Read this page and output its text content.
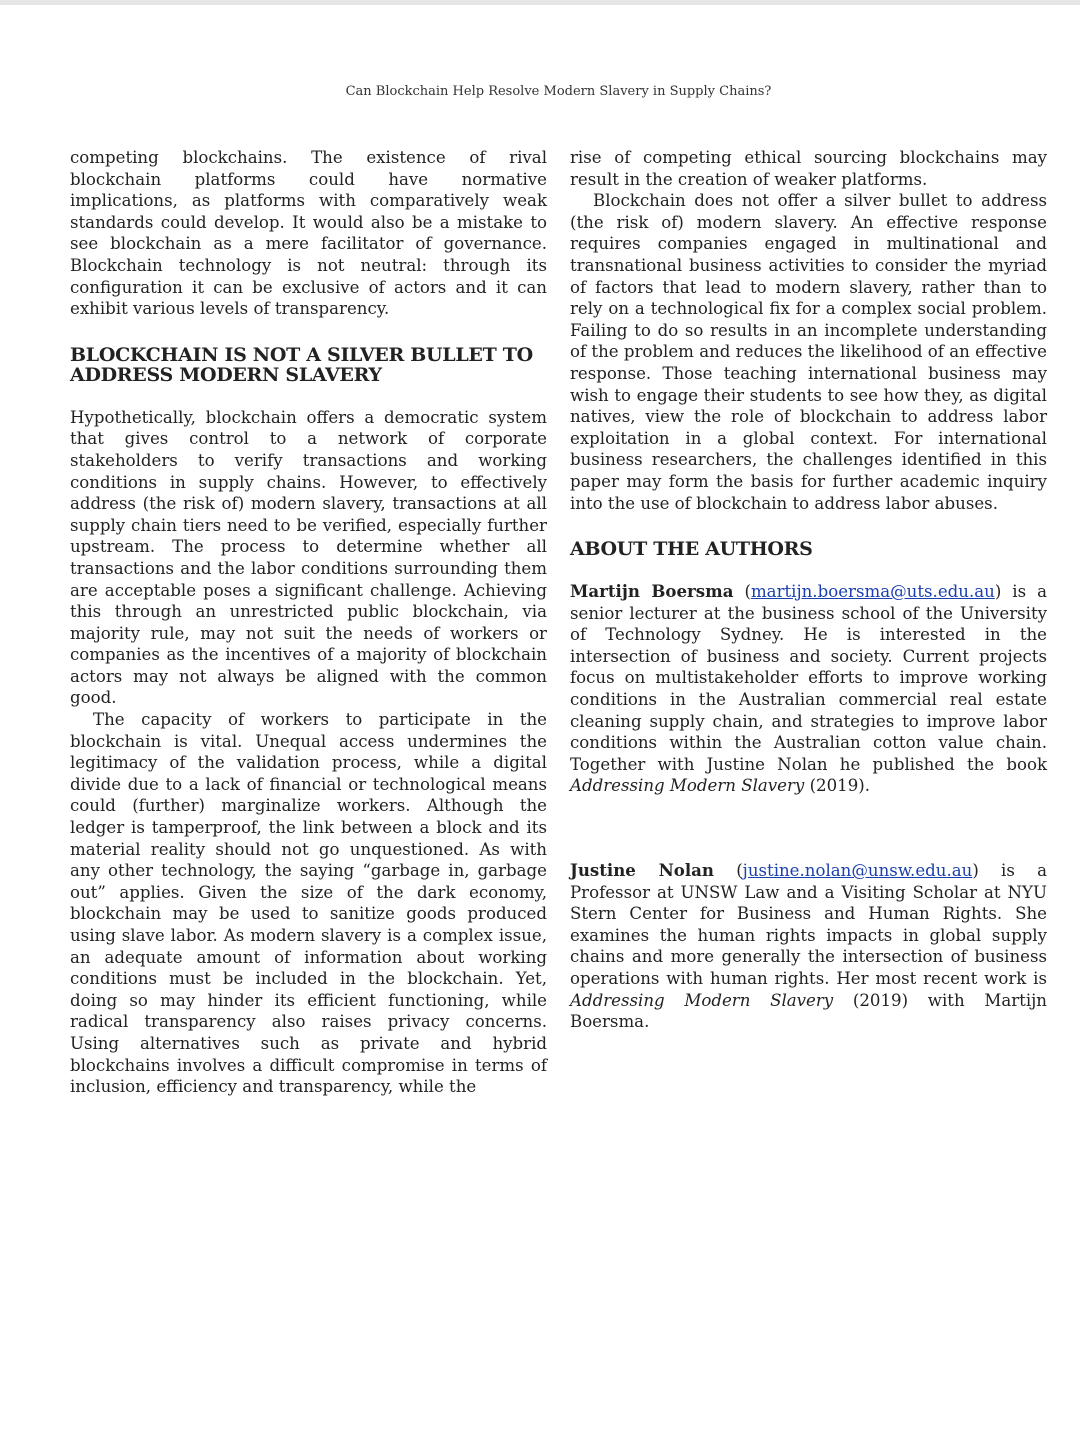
Can Blockchain Help Resolve Modern Slavery in Supply Chains?

competing blockchains. The existence of rival blockchain platforms could have normative implications, as platforms with comparatively weak standards could develop. It would also be a mistake to see blockchain as a mere facilitator of governance. Blockchain technology is not neutral: through its configuration it can be exclusive of actors and it can exhibit various levels of transparency.

BLOCKCHAIN IS NOT A SILVER BULLET TO ADDRESS MODERN SLAVERY

Hypothetically, blockchain offers a democratic system that gives control to a network of corporate stakeholders to verify transactions and working conditions in supply chains. However, to effectively address (the risk of) modern slavery, transactions at all supply chain tiers need to be verified, especially further upstream. The process to determine whether all transactions and the labor conditions surrounding them are acceptable poses a significant challenge. Achieving this through an unrestricted public blockchain, via majority rule, may not suit the needs of workers or companies as the incentives of a majority of blockchain actors may not always be aligned with the common good.

The capacity of workers to participate in the blockchain is vital. Unequal access undermines the legitimacy of the validation process, while a digital divide due to a lack of financial or technological means could (further) marginalize workers. Although the ledger is tamperproof, the link between a block and its material reality should not go unquestioned. As with any other technology, the saying “garbage in, garbage out” applies. Given the size of the dark economy, blockchain may be used to sanitize goods produced using slave labor. As modern slavery is a complex issue, an adequate amount of information about working conditions must be included in the blockchain. Yet, doing so may hinder its efficient functioning, while radical transparency also raises privacy concerns. Using alternatives such as private and hybrid blockchains involves a difficult compromise in terms of inclusion, efficiency and transparency, while the

rise of competing ethical sourcing blockchains may result in the creation of weaker platforms.

Blockchain does not offer a silver bullet to address (the risk of) modern slavery. An effective response requires companies engaged in multinational and transnational business activities to consider the myriad of factors that lead to modern slavery, rather than to rely on a technological fix for a complex social problem. Failing to do so results in an incomplete understanding of the problem and reduces the likelihood of an effective response. Those teaching international business may wish to engage their students to see how they, as digital natives, view the role of blockchain to address labor exploitation in a global context. For international business researchers, the challenges identified in this paper may form the basis for further academic inquiry into the use of blockchain to address labor abuses.

ABOUT THE AUTHORS

Martijn Boersma (martijn.boersma@uts.edu.au) is a senior lecturer at the business school of the University of Technology Sydney. He is interested in the intersection of business and society. Current projects focus on multistakeholder efforts to improve working conditions in the Australian commercial real estate cleaning supply chain, and strategies to improve labor conditions within the Australian cotton value chain. Together with Justine Nolan he published the book Addressing Modern Slavery (2019).

Justine Nolan (justine.nolan@unsw.edu.au) is a Professor at UNSW Law and a Visiting Scholar at NYU Stern Center for Business and Human Rights. She examines the human rights impacts in global supply chains and more generally the intersection of business operations with human rights. Her most recent work is Addressing Modern Slavery (2019) with Martijn Boersma.
